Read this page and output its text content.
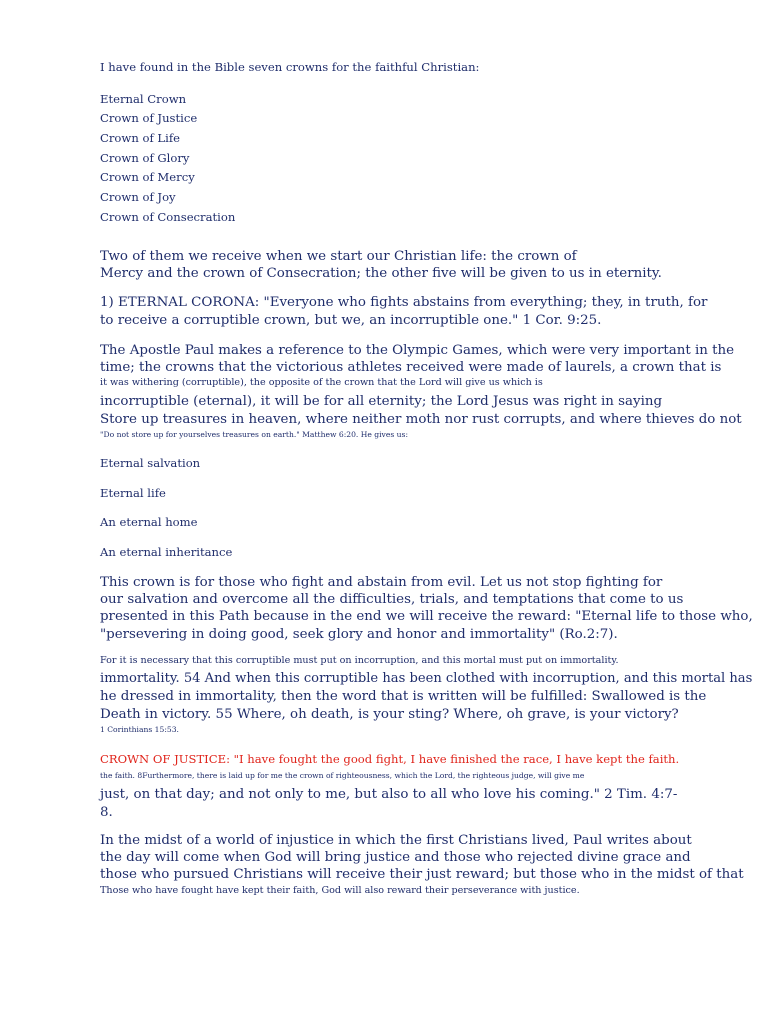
I have found in the Bible seven crowns for the faithful Christian:
Eternal Crown
Crown of Justice
Crown of Life
Crown of Glory
Crown of Mercy
Crown of Joy
Crown of Consecration
Two of them we receive when we start our Christian life: the crown of
Mercy and the crown of Consecration; the other five will be given to us in eternity.
1) ETERNAL CORONA: "Everyone who fights abstains from everything; they, in truth, for
to receive a corruptible crown, but we, an incorruptible one." 1 Cor. 9:25.
The Apostle Paul makes a reference to the Olympic Games, which were very important in the
time; the crowns that the victorious athletes received were made of laurels, a crown that is
it was withering (corruptible), the opposite of the crown that the Lord will give us which is
incorruptible (eternal), it will be for all eternity; the Lord Jesus was right in saying
Store up treasures in heaven, where neither moth nor rust corrupts, and where thieves do not
"Do not store up for yourselves treasures on earth." Matthew 6:20. He gives us:
Eternal salvation
Eternal life
An eternal home
An eternal inheritance
This crown is for those who fight and abstain from evil. Let us not stop fighting for
our salvation and overcome all the difficulties, trials, and temptations that come to us
presented in this Path because in the end we will receive the reward: "Eternal life to those who,
"persevering in doing good, seek glory and honor and immortality" (Ro.2:7).
For it is necessary that this corruptible must put on incorruption, and this mortal must put on immortality.
immortality. 54 And when this corruptible has been clothed with incorruption, and this mortal has
he dressed in immortality, then the word that is written will be fulfilled: Swallowed is the
Death in victory. 55 Where, oh death, is your sting? Where, oh grave, is your victory?
1 Corinthians 15:53.
CROWN OF JUSTICE: "I have fought the good fight, I have finished the race, I have kept the faith.
the faith. 8Furthermore, there is laid up for me the crown of righteousness, which the Lord, the righteous judge, will give me
just, on that day; and not only to me, but also to all who love his coming." 2 Tim. 4:7-
8.
In the midst of a world of injustice in which the first Christians lived, Paul writes about
the day will come when God will bring justice and those who rejected divine grace and
those who pursued Christians will receive their just reward; but those who in the midst of that
Those who have fought have kept their faith, God will also reward their perseverance with justice.
